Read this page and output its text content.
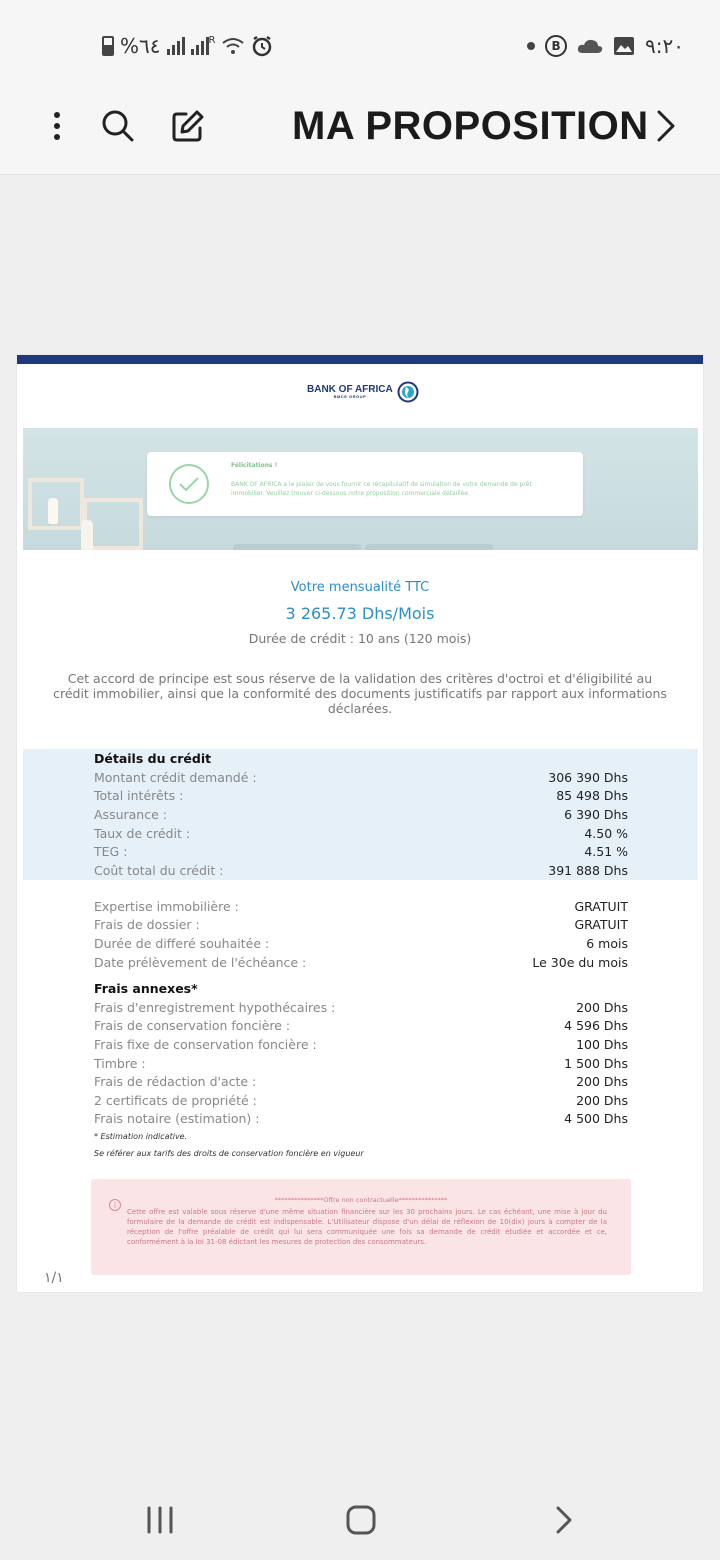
%٦٤	R	B	٩:٢٠
MA PROPOSITION
BANK OF AFRICA
BMCE GROUP
Félicitations !
BANK OF AFRICA a le plaisir de vous fournir ce récapitulatif de simulation de votre demande de prêt immobilier. Veuillez trouver ci-dessous notre proposition commerciale détaillée.
Votre mensualité TTC
3 265.73 Dhs/Mois
Durée de crédit : 10 ans (120 mois)
Cet accord de principe est sous réserve de la validation des critères d'octroi et d'éligibilité au crédit immobilier, ainsi que la conformité des documents justificatifs par rapport aux informations déclarées.
Détails du crédit
Montant crédit demandé :	306 390 Dhs
Total intérêts :	85 498 Dhs
Assurance :	6 390 Dhs
Taux de crédit :	4.50 %
TEG :	4.51 %
Coût total du crédit :	391 888 Dhs
Expertise immobilière :	GRATUIT
Frais de dossier :	GRATUIT
Durée de differé souhaitée :	6 mois
Date prélèvement de l'échéance :	Le 30e du mois
Frais annexes*
Frais d'enregistrement hypothécaires :	200 Dhs
Frais de conservation foncière :	4 596 Dhs
Frais fixe de conservation foncière :	100 Dhs
Timbre :	1 500 Dhs
Frais de rédaction d'acte :	200 Dhs
2 certificats de propriété :	200 Dhs
Frais notaire (estimation) :	4 500 Dhs
* Estimation indicative.
Se référer aux tarifs des droits de conservation foncière en vigueur
i
***************Offre non contractuelle***************
Cette offre est valable sous réserve d'une même situation financière sur les 30 prochains jours. Le cas échéant, une mise à jour du formulaire de la demande de crédit est indispensable. L'Utilisateur dispose d'un délai de réflexion de 10(dix) jours à compter de la réception de l'offre préalable de crédit qui lui sera communiquée une fois sa demande de crédit étudiée et accordée et ce, conformément à la loi 31-08 édictant les mesures de protection des consommateurs.
١/١
